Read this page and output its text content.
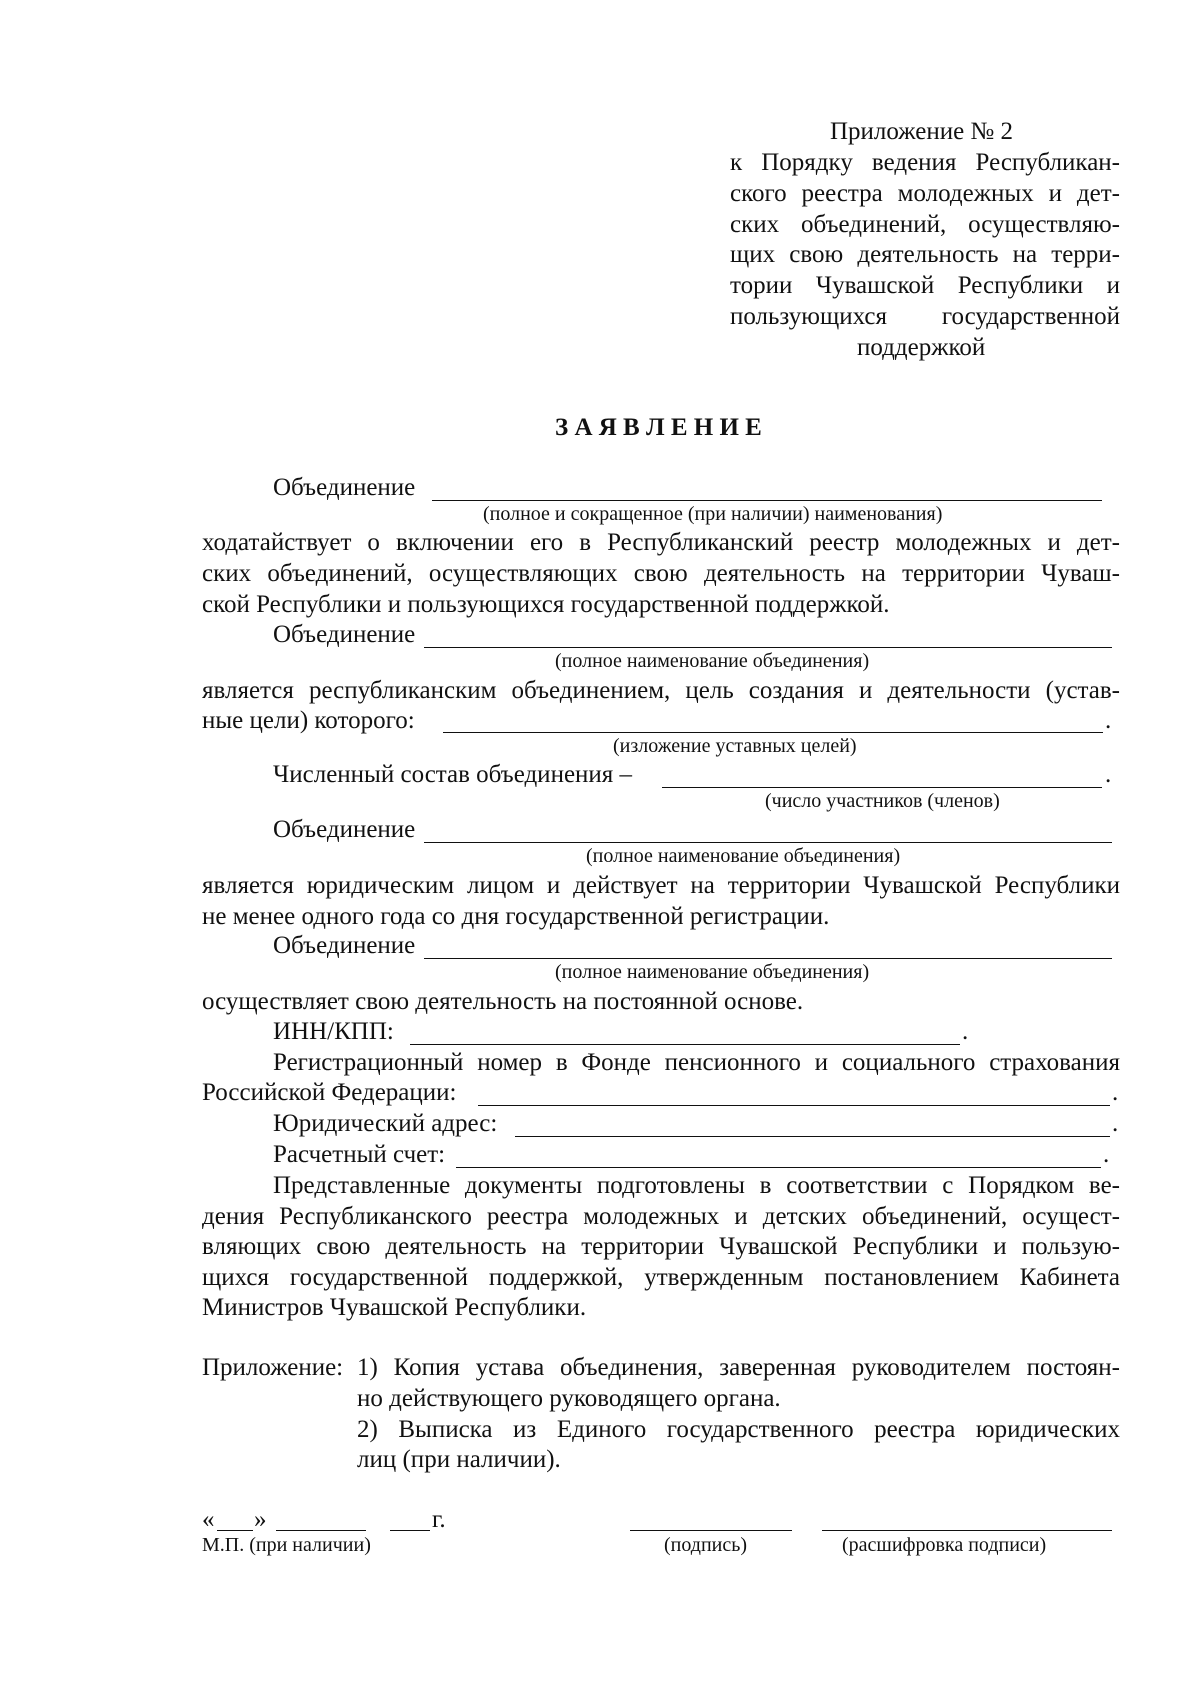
Приложение № 2
к Порядку ведения Республикан-
ского реестра молодежных и дет-
ских объединений, осуществляю-
щих свою деятельность на терри-
тории Чувашской Республики и
пользующихся государственной
поддержкой
З А Я В Л Е Н И Е
Объединение
(полное и сокращенное (при наличии) наименования)
ходатайствует о включении его в Республиканский реестр молодежных и дет-
ских объединений, осуществляющих свою деятельность на территории Чуваш-
ской Республики и пользующихся государственной поддержкой.
Объединение
(полное наименование объединения)
является республиканским объединением, цель создания и деятельности (устав-
ные цели) которого:	.
(изложение уставных целей)
Численный состав объединения –	.
(число участников (членов)
Объединение
(полное наименование объединения)
является юридическим лицом и действует на территории Чувашской Республики
не менее одного года со дня государственной регистрации.
Объединение
(полное наименование объединения)
осуществляет свою деятельность на постоянной основе.
ИНН/КПП:	.
Регистрационный номер в Фонде пенсионного и социального страхования
Российской Федерации:	.
Юридический адрес:	.
Расчетный счет:	.
Представленные документы подготовлены в соответствии с Порядком ве-
дения Республиканского реестра молодежных и детских объединений, осущест-
вляющих свою деятельность на территории Чувашской Республики и пользую-
щихся государственной поддержкой, утвержденным постановлением Кабинета
Министров Чувашской Республики.
Приложение: 1) Копия устава объединения, заверенная руководителем постоян-
но действующего руководящего органа.
2) Выписка из Единого государственного реестра юридических
лиц (при наличии).
« »	г.
М.П. (при наличии)	(подпись)	(расшифровка подписи)
